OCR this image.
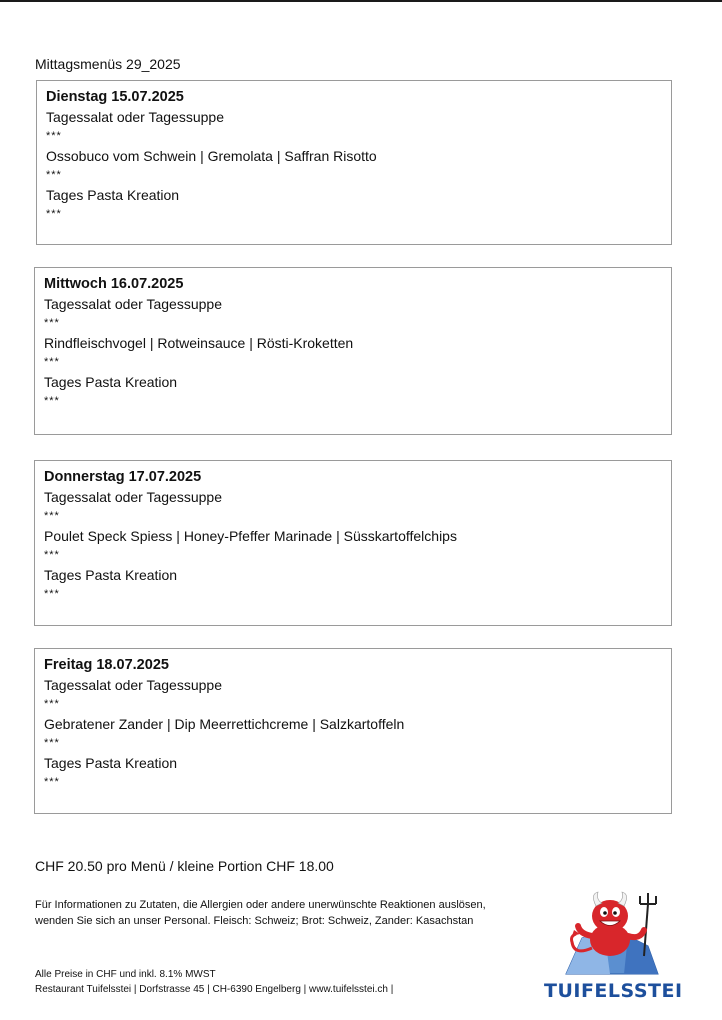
Mittagsmenüs 29_2025
Dienstag 15.07.2025
Tagessalat oder Tagessuppe
***
Ossobuco vom Schwein | Gremolata | Saffran Risotto
***
Tages Pasta Kreation
***
Mittwoch 16.07.2025
Tagessalat oder Tagessuppe
***
Rindfleischvogel | Rotweinsauce | Rösti-Kroketten
***
Tages Pasta Kreation
***
Donnerstag 17.07.2025
Tagessalat oder Tagessuppe
***
Poulet Speck Spiess | Honey-Pfeffer Marinade | Süsskartoffelchips
***
Tages Pasta Kreation
***
Freitag 18.07.2025
Tagessalat oder Tagessuppe
***
Gebratener Zander | Dip Meerrettichcreme | Salzkartoffeln
***
Tages Pasta Kreation
***
CHF 20.50 pro Menü / kleine Portion CHF 18.00
Für Informationen zu Zutaten, die Allergien oder andere unerwünschte Reaktionen auslösen,
wenden Sie sich an unser Personal. Fleisch: Schweiz; Brot: Schweiz, Zander: Kasachstan
Alle Preise in CHF und inkl. 8.1% MWST
Restaurant Tuifelsstei | Dorfstrasse 45 | CH-6390 Engelberg | www.tuifelsstei.ch |	TUIFELSSTEI
